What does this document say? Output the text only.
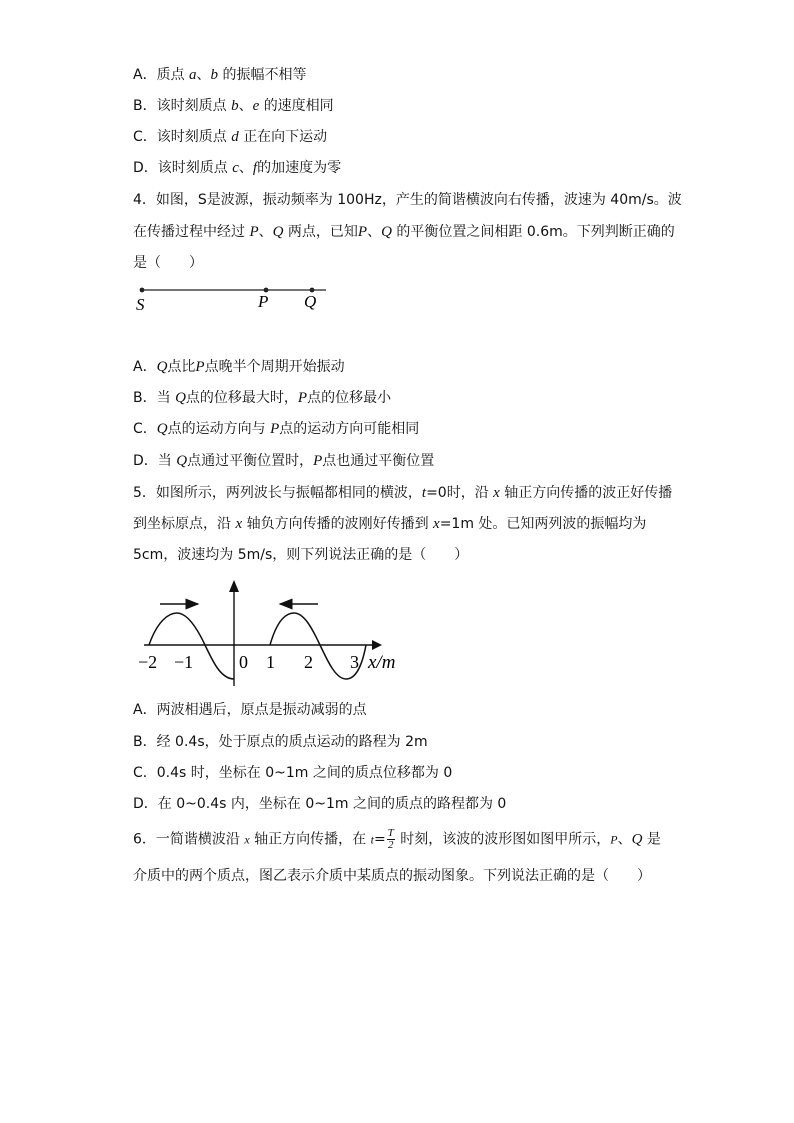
A．质点 a、b 的振幅不相等
B．该时刻质点 b、e 的速度相同
C．该时刻质点 d 正在向下运动
D．该时刻质点 c、f的加速度为零
4．如图，S是波源，振动频率为 100Hz，产生的简谐横波向右传播，波速为 40m/s。波
在传播过程中经过 P、Q 两点，已知P、Q 的平衡位置之间相距 0.6m。下列判断正确的
是（　　）
S	P Q
A．Q点比P点晚半个周期开始振动
B．当 Q点的位移最大时，P点的位移最小
C．Q点的运动方向与 P点的运动方向可能相同
D．当 Q点通过平衡位置时，P点也通过平衡位置
5．如图所示，两列波长与振幅都相同的横波，t=0时，沿 x 轴正方向传播的波正好传播
到坐标原点，沿 x 轴负方向传播的波刚好传播到 x=1m 处。已知两列波的振幅均为
5cm，波速均为 5m/s，则下列说法正确的是（　　）
−2 −1	0 1 2 3 x/m
A．两波相遇后，原点是振动减弱的点
B．经 0.4s，处于原点的质点运动的路程为 2m
C．0.4s 时，坐标在 0~1m 之间的质点位移都为 0
D．在 0~0.4s 内，坐标在 0~1m 之间的质点的路程都为 0
6．一简谐横波沿 x 轴正方向传播，在 $t= \frac{T}{2}$ 时刻，该波的波形图如图甲所示，P、Q 是
介质中的两个质点，图乙表示介质中某质点的振动图象。下列说法正确的是（　　）
